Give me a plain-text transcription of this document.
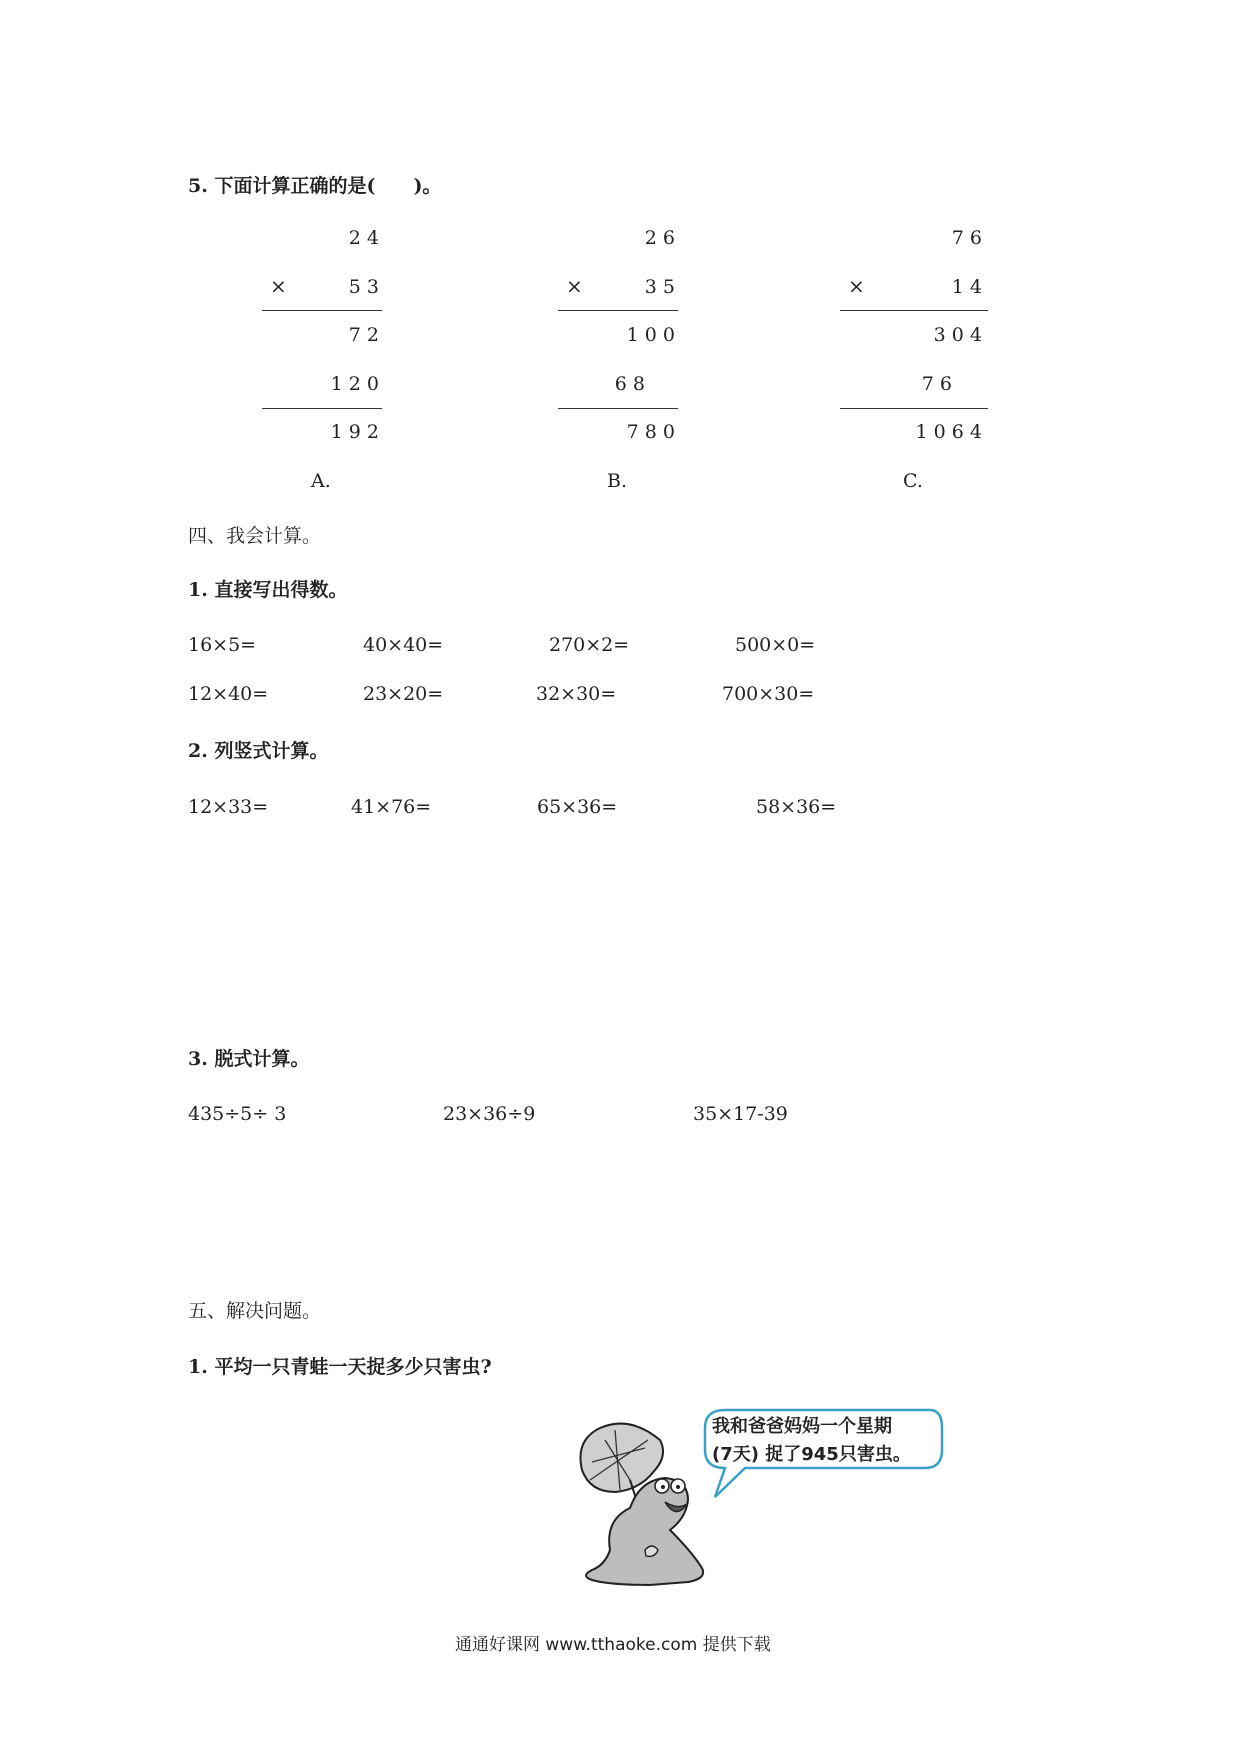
5. 下面计算正确的是(　　)。
×
2 4
5 3
7 2
1 2 0
1 9 2
A.
×
2 6
3 5
1 0 0
6 8
7 8 0
B.
×
7 6
1 4
3 0 4
7 6
1 0 6 4
C.
四、我会计算。
1. 直接写出得数。
16×5=	40×40=	270×2=	500×0=
12×40=	23×20=	32×30=	700×30=
2. 列竖式计算。
12×33=	41×76=	65×36=	58×36=
3. 脱式计算。
435÷5÷ 3	23×36÷9	35×17-39
五、解决问题。
1. 平均一只青蛙一天捉多少只害虫?
我和爸爸妈妈一个星期
(7天) 捉了945只害虫。
通通好课网 www.tthaoke.com 提供下载
